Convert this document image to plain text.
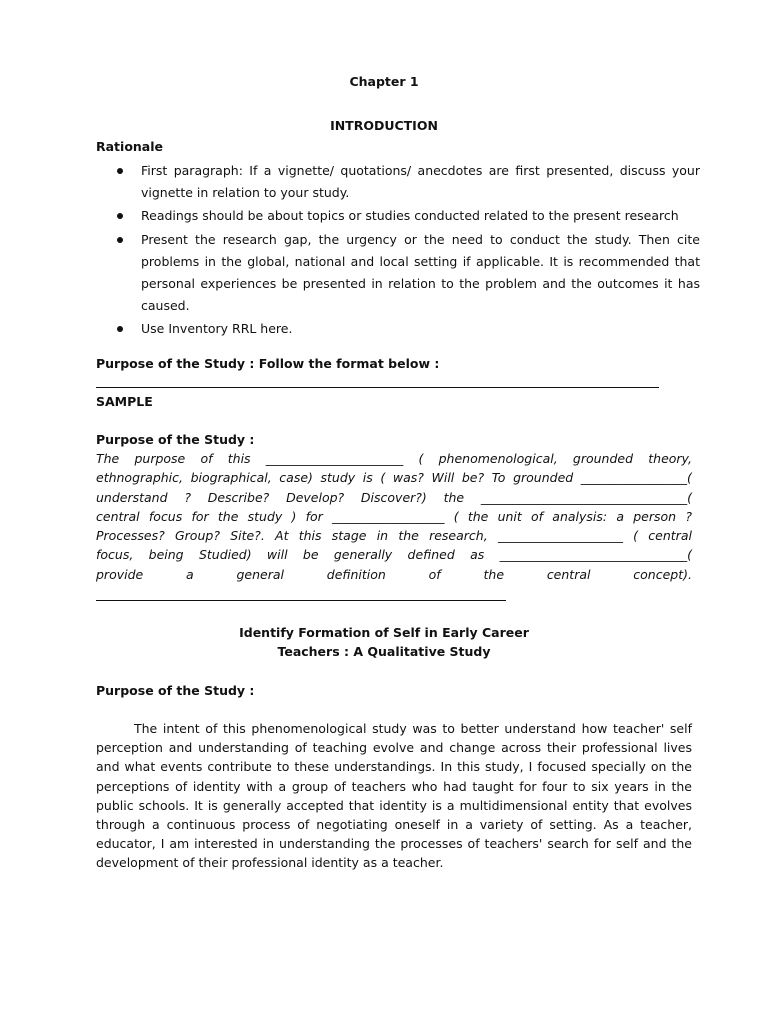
Chapter 1
INTRODUCTION
Rationale
First paragraph: If a vignette/ quotations/ anecdotes are first presented, discuss your vignette in relation to your study.
Readings should be about topics or studies conducted related to the present research
Present the research gap, the urgency or the need to conduct the study. Then cite problems in the global, national and local setting if applicable. It is recommended that personal experiences be presented in relation to the problem and the outcomes it has caused.
Use Inventory RRL here.
Purpose of the Study : Follow the format below :
SAMPLE
Purpose of the Study :
The purpose of this ______________________ ( phenomenological, grounded theory,
ethnographic, biographical, case) study is ( was? Will be? To grounded _________________(
understand ? Describe? Develop? Discover?) the _________________________________(
central focus for the study ) for __________________ ( the unit of analysis: a person ?
Processes? Group? Site?. At this stage in the research, ____________________ ( central
focus, being Studied) will be generally defined as ______________________________(
provide	a	general	definition	of	the	central	concept).
Identify Formation of Self in Early Career
Teachers : A Qualitative Study
Purpose of the Study :

The intent of this phenomenological study was to better understand how teacher' self perception and understanding of teaching evolve and change across their professional lives and what events contribute to these understandings. In this study, I focused specially on the perceptions of identity with a group of teachers who had taught for four to six years in the public schools. It is generally accepted that identity is a multidimensional entity that evolves through a continuous process of negotiating oneself in a variety of setting. As a teacher, educator, I am interested in understanding the processes of teachers' search for self and the development of their professional identity as a teacher.
